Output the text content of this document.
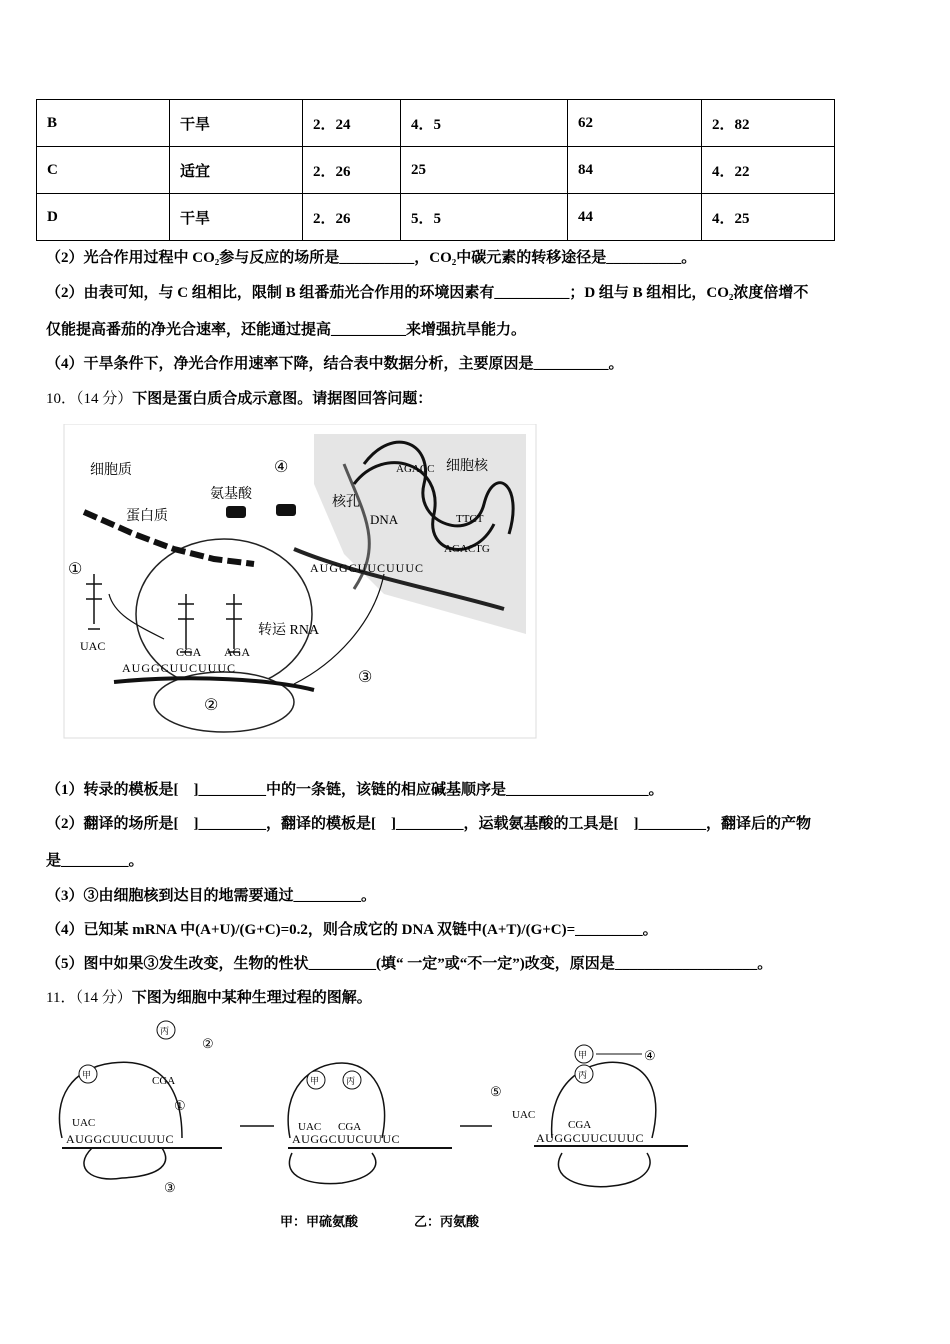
B	干旱	2．24	4．5	62	2．82
C	适宜	2．26	25	84	4．22
D	干旱	2．26	5．5	44	4．25
（2）光合作用过程中 CO₂参与反应的场所是__________，CO₂中碳元素的转移途径是__________。
（2）由表可知，与 C 组相比，限制 B 组番茄光合作用的环境因素有__________；D 组与 B 组相比，CO₂浓度倍增不
仅能提高番茄的净光合速率，还能通过提高__________来增强抗旱能力。
（4）干旱条件下，净光合作用速率下降，结合表中数据分析，主要原因是__________。
10．（14 分）下图是蛋白质合成示意图。请据图回答问题：
AGACC
TTCT
AGACTG
AUGGCUUCUUUC
AUGGCUUCUUUC
细胞质
蛋白质
氨基酸
细胞核
核孔
DNA
转运 RNA
④
①
②
③
UAC	CGA AGA
（1）转录的模板是[　]_________中的一条链，该链的相应碱基顺序是___________________。
（2）翻译的场所是[　]_________，翻译的模板是[　]_________，运载氨基酸的工具是[　]_________，翻译后的产物
是_________。
（3）③由细胞核到达目的地需要通过_________。
（4）已知某 mRNA 中(A+U)/(G+C)=0.2，则合成它的 DNA 双链中(A+T)/(G+C)=_________。
（5）图中如果③发生改变，生物的性状_________(填“ 一定”或“不一定”)改变，原因是___________________。
11．（14 分）下图为细胞中某种生理过程的图解。
AUGGCUUCUUUC
甲
UAC
丙
CGA
②
①
③
AUGGCUUCUUUC
甲	丙
UAC CGA
AUGGCUUCUUUC
甲
丙
UAC
CGA
④
⑤
甲：甲硫氨酸	乙：丙氨酸
